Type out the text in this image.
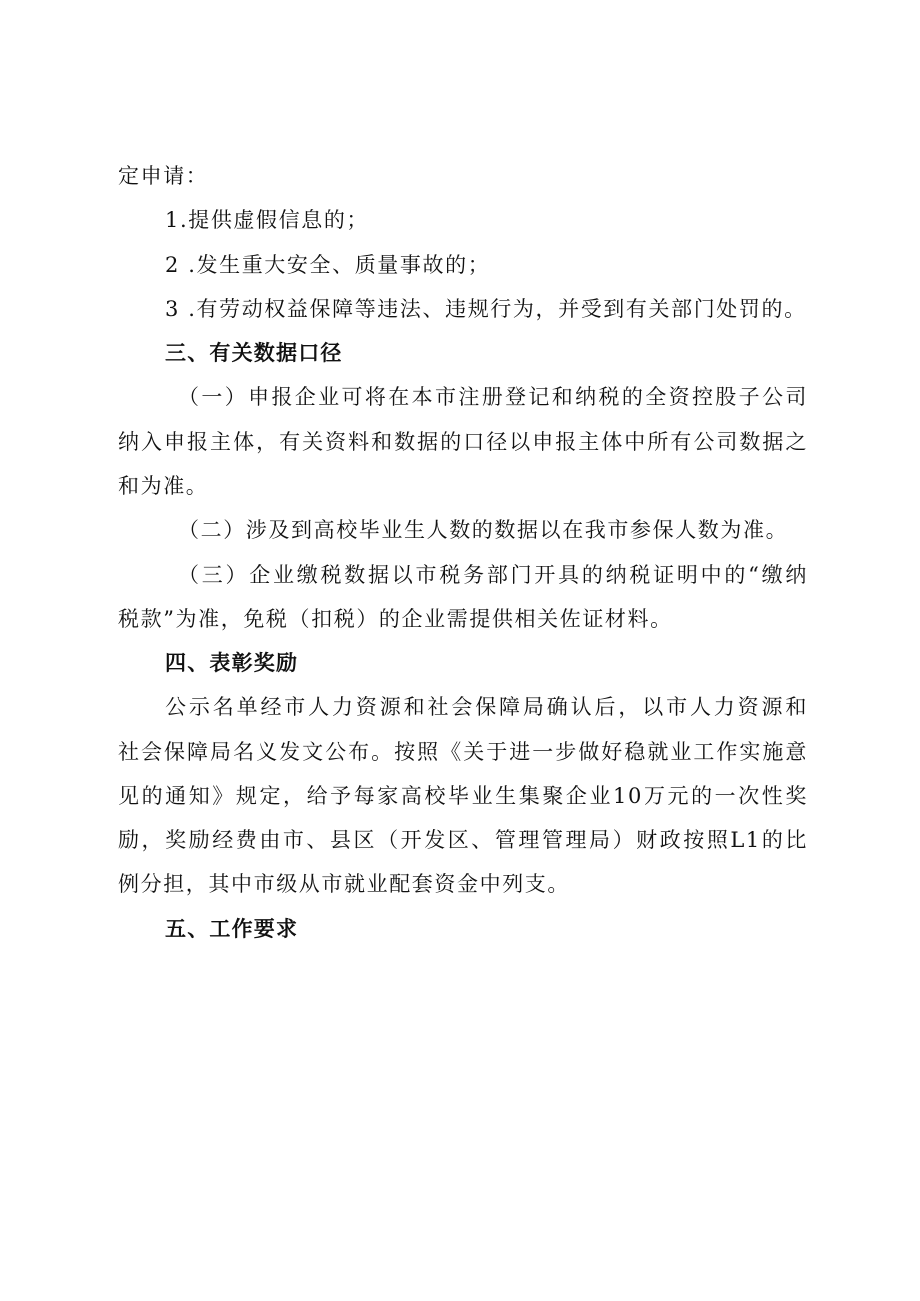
定申请：
1.提供虚假信息的；
2 .发生重大安全、质量事故的；
3 .有劳动权益保障等违法、违规行为，并受到有关部门处罚的。
三、有关数据口径
（一）申报企业可将在本市注册登记和纳税的全资控股子公司
纳入申报主体，有关资料和数据的口径以申报主体中所有公司数据之
和为准。
（二）涉及到高校毕业生人数的数据以在我市参保人数为准。
（三）企业缴税数据以市税务部门开具的纳税证明中的“缴纳
税款”为准，免税（扣税）的企业需提供相关佐证材料。
四、表彰奖励
公示名单经市人力资源和社会保障局确认后，以市人力资源和
社会保障局名义发文公布。按照《关于进一步做好稳就业工作实施意
见的通知》规定，给予每家高校毕业生集聚企业10万元的一次性奖
励，奖励经费由市、县区（开发区、管理管理局）财政按照L1的比
例分担，其中市级从市就业配套资金中列支。
五、工作要求
